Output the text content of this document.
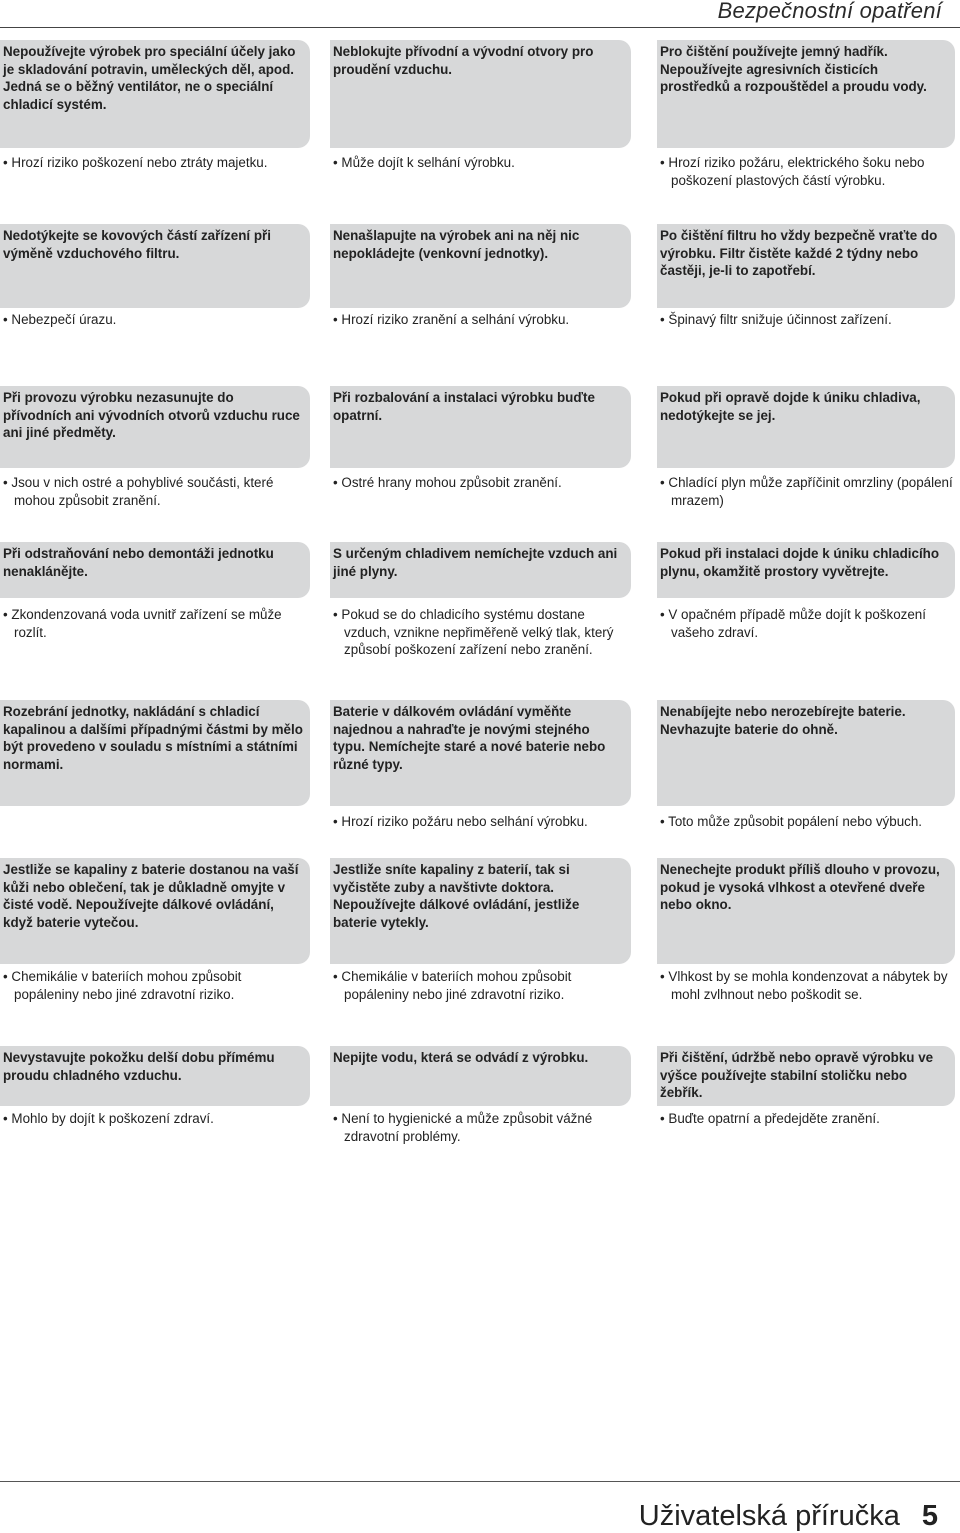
Bezpečnostní opatření
Nepoužívejte výrobek pro speciální účely jako je skladování potravin, uměleckých děl, apod. Jedná se o běžný ventilátor, ne o speciální chladicí systém.
Neblokujte přívodní a vývodní otvory pro proudění vzduchu.
Pro čištění používejte jemný hadřík. Nepoužívejte agresivních čisticích prostředků a rozpouštědel a proudu vody.
• Hrozí riziko poškození nebo ztráty majetku.	• Může dojít k selhání výrobku.	• Hrozí riziko požáru, elektrického šoku nebo poškození plastových částí výrobku.
Nedotýkejte se kovových částí zařízení při výměně vzduchového filtru.
Nenašlapujte na výrobek ani na něj nic nepokládejte (venkovní jednotky).
Po čištění filtru ho vždy bezpečně vraťte do výrobku. Filtr čistěte každé 2 týdny nebo častěji, je-li to zapotřebí.
• Nebezpečí úrazu.	• Hrozí riziko zranění a selhání výrobku.	• Špinavý filtr snižuje účinnost zařízení.
Při provozu výrobku nezasunujte do přívodních ani vývodních otvorů vzduchu ruce ani jiné předměty.
Při rozbalování a instalaci výrobku buďte opatrní.
Pokud při opravě dojde k úniku chladiva, nedotýkejte se jej.
• Jsou v nich ostré a pohyblivé součásti, které mohou způsobit zranění.
• Ostré hrany mohou způsobit zranění.	• Chladící plyn může zapříčinit omrzliny (popálení mrazem)
Při odstraňování nebo demontáži jednotku nenaklánějte.
S určeným chladivem nemíchejte vzduch ani jiné plyny.
Pokud při instalaci dojde k úniku chladicího plynu, okamžitě prostory vyvětrejte.
• Zkondenzovaná voda uvnitř zařízení se může rozlít.
• Pokud se do chladicího systému dostane vzduch, vznikne nepřiměřeně velký tlak, který způsobí poškození zařízení nebo zranění.
• V opačném případě může dojít k poškození vašeho zdraví.
Rozebrání jednotky, nakládání s chladicí kapalinou a dalšími případnými částmi by mělo být provedeno v souladu s místními a státními normami.
Baterie v dálkovém ovládání vyměňte najednou a nahraďte je novými stejného typu. Nemíchejte staré a nové baterie nebo různé typy.
Nenabíjejte nebo nerozebírejte baterie. Nevhazujte baterie do ohně.
• Hrozí riziko požáru nebo selhání výrobku.	• Toto může způsobit popálení nebo výbuch.
Jestliže se kapaliny z baterie dostanou na vaší kůži nebo oblečení, tak je důkladně omyjte v čisté vodě. Nepoužívejte dálkové ovládání, když baterie vytečou.
Jestliže sníte kapaliny z baterií, tak si vyčistěte zuby a navštivte doktora. Nepoužívejte dálkové ovládání, jestliže baterie vytekly.
Nenechejte produkt příliš dlouho v provozu, pokud je vysoká vlhkost a otevřené dveře nebo okno.
• Chemikálie v bateriích mohou způsobit popáleniny nebo jiné zdravotní riziko.
• Chemikálie v bateriích mohou způsobit popáleniny nebo jiné zdravotní riziko.
• Vlhkost by se mohla kondenzovat a nábytek by mohl zvlhnout nebo poškodit se.
Nevystavujte pokožku delší dobu přímému proudu chladného vzduchu.
Nepijte vodu, která se odvádí z výrobku.	Při čištění, údržbě nebo opravě výrobku ve výšce používejte stabilní stoličku nebo žebřík.
• Mohlo by dojít k poškození zdraví.	• Není to hygienické a může způsobit vážné zdravotní problémy.
• Buďte opatrní a předejděte zranění.
Uživatelská příručka 5
